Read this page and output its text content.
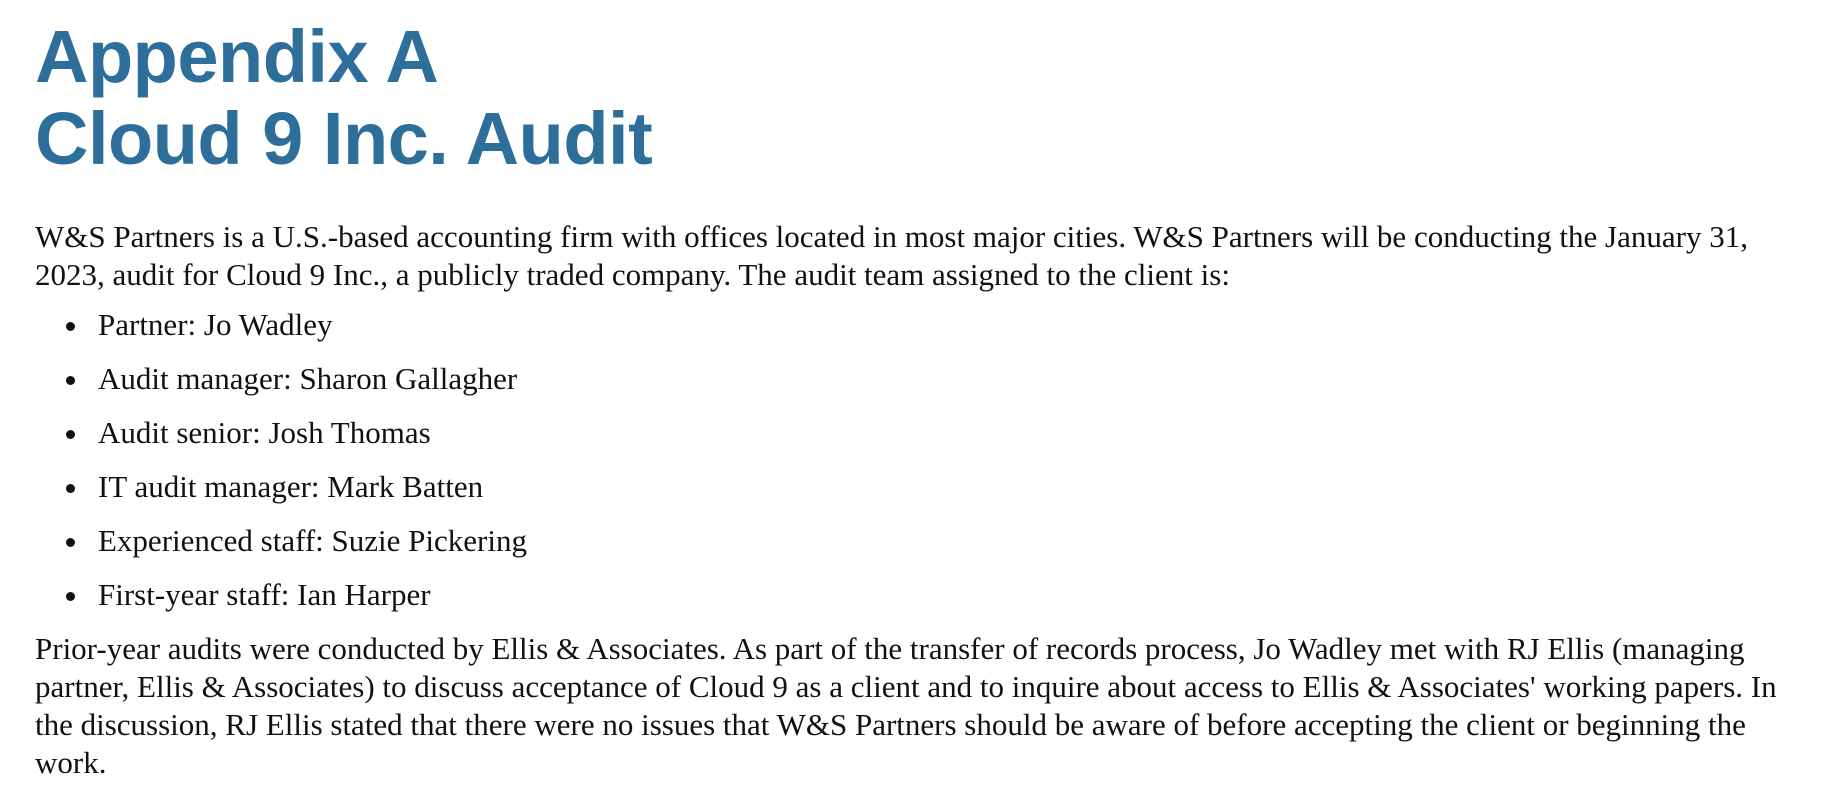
Appendix A
Cloud 9 Inc. Audit

W&S Partners is a U.S.-based accounting firm with offices located in most major cities. W&S Partners will be conducting the January 31, 2023, audit for Cloud 9 Inc., a publicly traded company. The audit team assigned to the client is:

Partner: Jo Wadley
Audit manager: Sharon Gallagher
Audit senior: Josh Thomas
IT audit manager: Mark Batten
Experienced staff: Suzie Pickering
First-year staff: Ian Harper

Prior-year audits were conducted by Ellis & Associates. As part of the transfer of records process, Jo Wadley met with RJ Ellis (managing partner, Ellis & Associates) to discuss acceptance of Cloud 9 as a client and to inquire about access to Ellis & Associates' working papers. In the discussion, RJ Ellis stated that there were no issues that W&S Partners should be aware of before accepting the client or beginning the work.
